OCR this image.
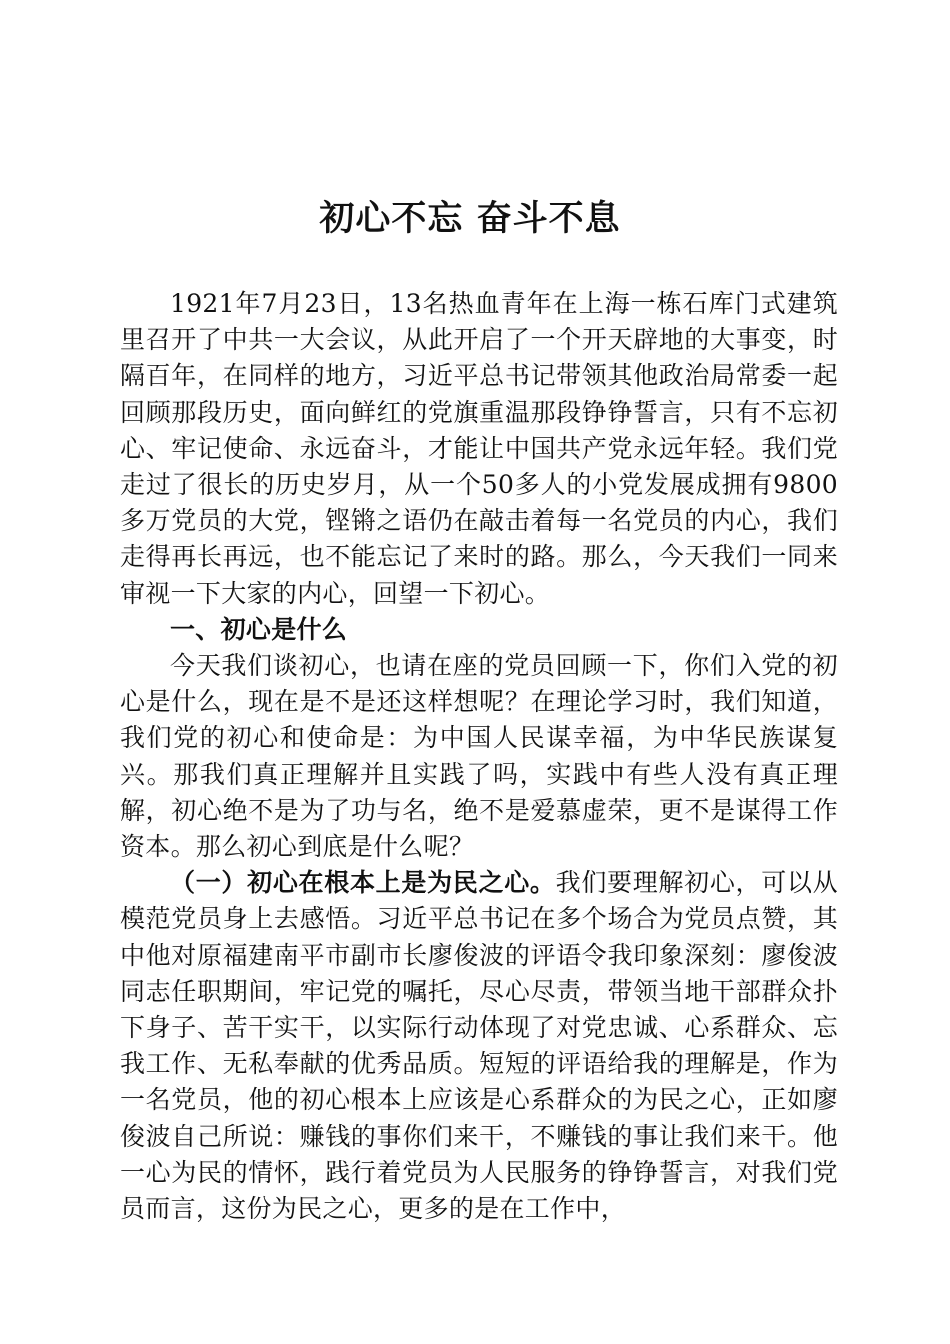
初心不忘 奋斗不息

1921年7月23日，13名热血青年在上海一栋石库门式建筑里召开了中共一大会议，从此开启了一个开天辟地的大事变，时隔百年，在同样的地方，习近平总书记带领其他政治局常委一起回顾那段历史，面向鲜红的党旗重温那段铮铮誓言，只有不忘初心、牢记使命、永远奋斗，才能让中国共产党永远年轻。我们党走过了很长的历史岁月，从一个50多人的小党发展成拥有9800多万党员的大党，铿锵之语仍在敲击着每一名党员的内心，我们走得再长再远，也不能忘记了来时的路。那么，今天我们一同来审视一下大家的内心，回望一下初心。

一、初心是什么

今天我们谈初心，也请在座的党员回顾一下，你们入党的初心是什么，现在是不是还这样想呢？在理论学习时，我们知道，我们党的初心和使命是：为中国人民谋幸福，为中华民族谋复兴。那我们真正理解并且实践了吗，实践中有些人没有真正理解，初心绝不是为了功与名，绝不是爱慕虚荣，更不是谋得工作资本。那么初心到底是什么呢？

（一）初心在根本上是为民之心。我们要理解初心，可以从模范党员身上去感悟。习近平总书记在多个场合为党员点赞，其中他对原福建南平市副市长廖俊波的评语令我印象深刻：廖俊波同志任职期间，牢记党的嘱托，尽心尽责，带领当地干部群众扑下身子、苦干实干，以实际行动体现了对党忠诚、心系群众、忘我工作、无私奉献的优秀品质。短短的评语给我的理解是，作为一名党员，他的初心根本上应该是心系群众的为民之心，正如廖俊波自己所说：赚钱的事你们来干，不赚钱的事让我们来干。他一心为民的情怀，践行着党员为人民服务的铮铮誓言，对我们党员而言，这份为民之心，更多的是在工作中，
